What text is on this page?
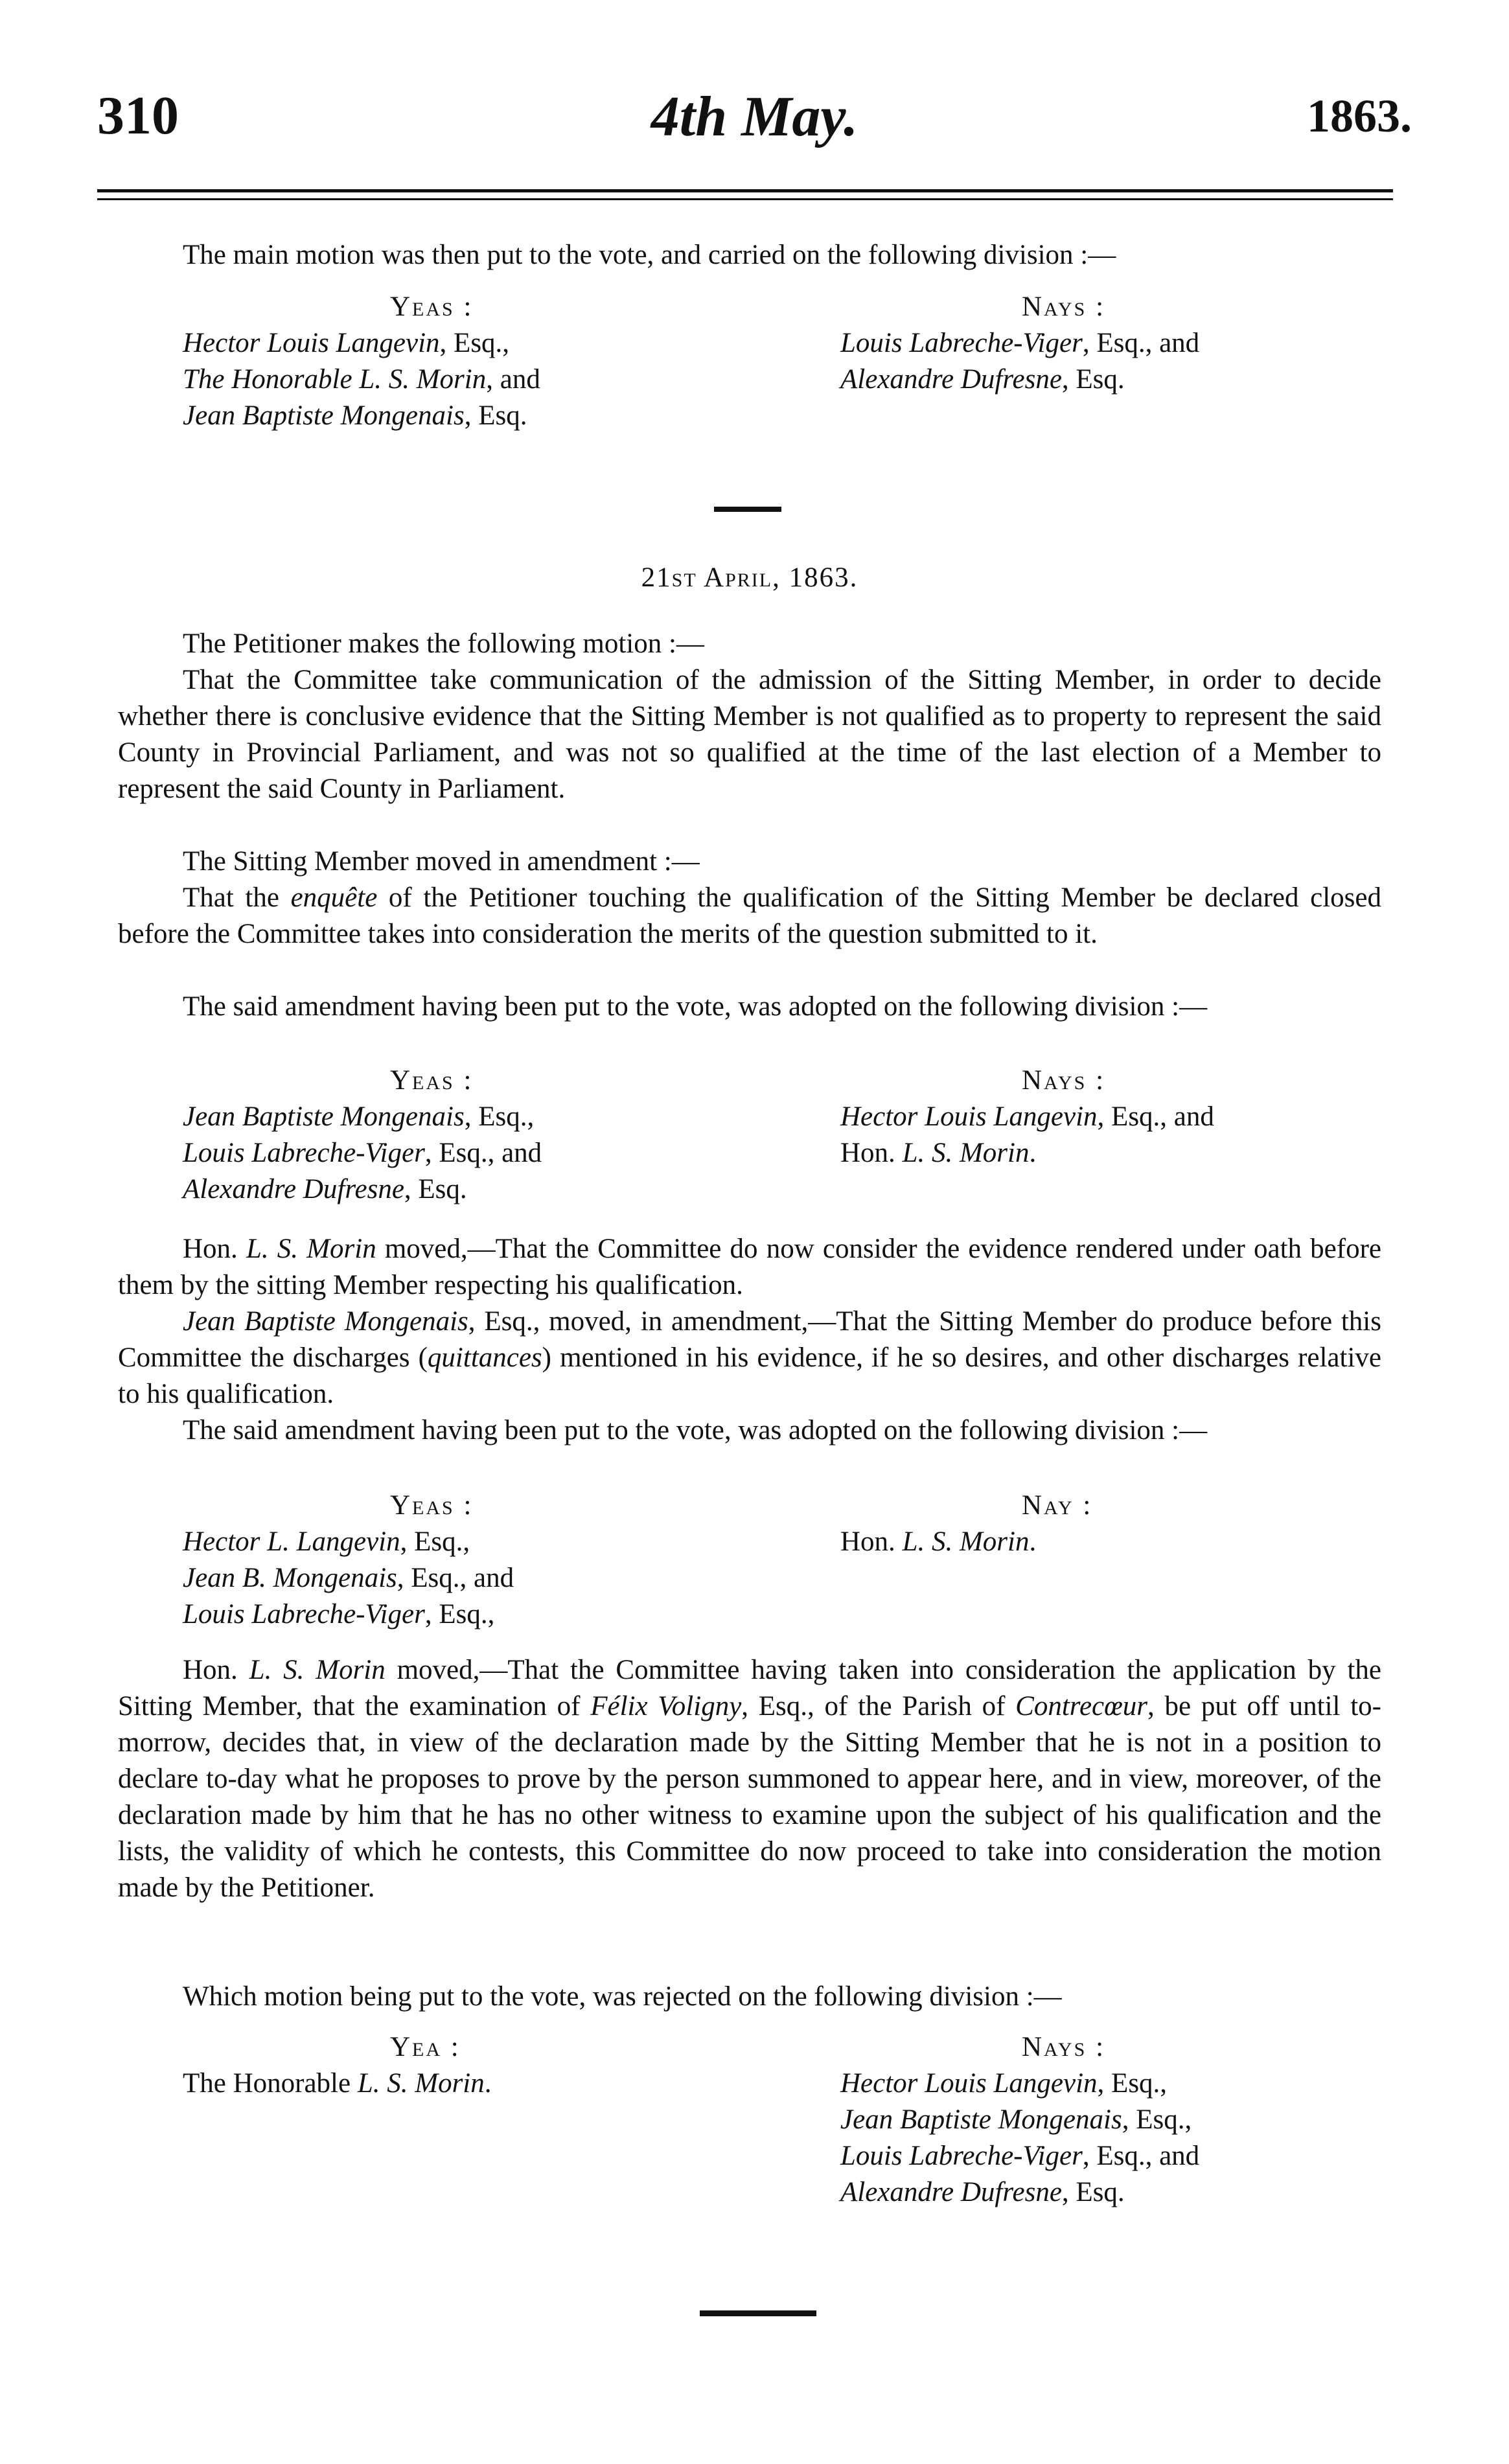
310	4th May.	1863.
The main motion was then put to the vote, and carried on the following division :—

Yeas :

Hector Louis Langevin, Esq.,

The Honorable L. S. Morin, and

Jean Baptiste Mongenais, Esq.

Nays :

Louis Labreche-Viger, Esq., and

Alexandre Dufresne, Esq.

21st April, 1863.
The Petitioner makes the following motion :—
That the Committee take communication of the admission of the Sitting Member, in order to decide whether there is conclusive evidence that the Sitting Member is not qualified as to property to represent the said County in Provincial Parliament, and was not so qualified at the time of the last election of a Member to represent the said County in Parliament.
The Sitting Member moved in amendment :—
That the enquête of the Petitioner touching the qualification of the Sitting Member be declared closed before the Committee takes into consideration the merits of the question submitted to it.
The said amendment having been put to the vote, was adopted on the following division :—

Yeas :

Jean Baptiste Mongenais, Esq.,

Louis Labreche-Viger, Esq., and

Alexandre Dufresne, Esq.

Nays :

Hector Louis Langevin, Esq., and

Hon. L. S. Morin.

Hon. L. S. Morin moved,—That the Committee do now consider the evidence rendered under oath before them by the sitting Member respecting his qualification.
Jean Baptiste Mongenais, Esq., moved, in amendment,—That the Sitting Member do produce before this Committee the discharges (quittances) mentioned in his evidence, if he so desires, and other discharges relative to his qualification.
The said amendment having been put to the vote, was adopted on the following division :—

Yeas :

Hector L. Langevin, Esq.,

Jean B. Mongenais, Esq., and

Louis Labreche-Viger, Esq.,

Nay :

Hon. L. S. Morin.

Hon. L. S. Morin moved,—That the Committee having taken into consideration the application by the Sitting Member, that the examination of Félix Voligny, Esq., of the Parish of Contrecœur, be put off until to-morrow, decides that, in view of the declaration made by the Sitting Member that he is not in a position to declare to-day what he proposes to prove by the person summoned to appear here, and in view, moreover, of the declaration made by him that he has no other witness to examine upon the subject of his qualification and the lists, the validity of which he contests, this Committee do now proceed to take into consideration the motion made by the Petitioner.
Which motion being put to the vote, was rejected on the following division :—

Yea :

The Honorable L. S. Morin.

Nays :

Hector Louis Langevin, Esq.,

Jean Baptiste Mongenais, Esq.,

Louis Labreche-Viger, Esq., and

Alexandre Dufresne, Esq.
